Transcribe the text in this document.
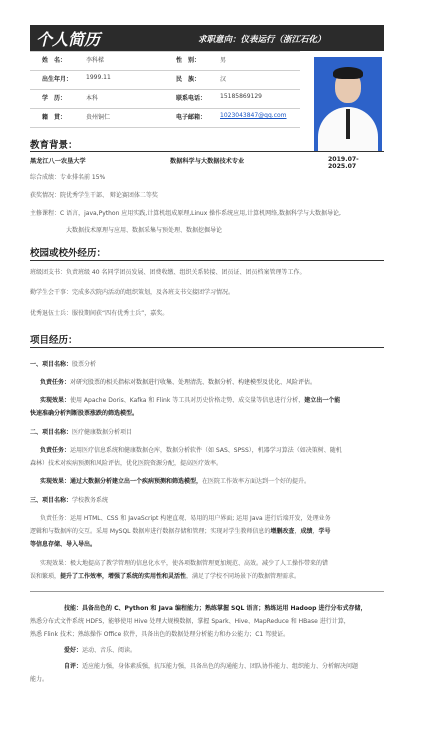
个人简历	求职意向：仪表运行（浙江石化）
姓　名：	李科樑	性　别：	男
出生年月： 1999.11	民　族：	汉
学　历：	本科	联系电话： 15185869129
籍　贯：	贵州铜仁	电子邮箱： 1023043847@qq.com
教育背景：
黑龙江八一农垦大学	数据科学与大数据技术专业	2019.07-2025.07
综合成绩：专业排名前 15%
获奖情况：院优秀学生干部、 辩论赛团体二等奖
主修课程：C 语言，java,Python 应用实践,计算机组成原理,Linux 操作系统应用,计算机网络,数据科学与大数据导论,
大数据技术原理与应用、数据采集与预处理、数据挖掘导论
校园或校外经历：
班级团支书：负责班级 40 名同学团员发展、团费收缴、组织关系转接、团员证、团员档案管理等工作。
勤学生会干事：完成多次院内活动的组织策划，及各班支书交接团学习情况。
优秀退伍士兵：服役期间获“四有优秀士兵”，嘉奖。
项目经历：
一、项目名称：股票分析
负责任务：对研究股票的相关指标对数据进行收集、处理清洗、数据分析、构建模型及优化、风险评估。
实现效果：使用 Apache Doris、Kafka 和 Flink 等工具对历史价格走势、成交量等信息进行分析，建立出一个能
快速准确分析判断股票涨跌的筛选模型。
二、项目名称：医疗健康数据分析项目
负责任务：运用医疗信息系统和健康数据仓库，数据分析软件（如 SAS、SPSS），机器学习算法（如决策树、随机
森林）技术对疾病预测和风险评估，优化医院资源分配，提高医疗效率。
实现效果：通过大数据分析建立出一个疾病预测和筛选模型，在医院工作效率方面达到一个好的提升。
三、项目名称：学校教务系统
负责任务：运用 HTML、CSS 和 JavaScript 构建直观、易用的用户界面; 运用 Java 进行后端开发，处理业务
逻辑和与数据库的交互。采用 MySQL 数据库进行数据存储和管理；实现对学生教师信息的增删改查，成绩，学号
等信息存储、导入导出。
实现效果：极大地提高了教学管理的信息化水平，使各项数据管理更加规范、高效。减少了人工操作带来的错
误和繁琐，提升了工作效率，增强了系统的实用性和灵活性，满足了学校不同场景下的数据管理需求。
技能：具备出色的 C、Python 和 Java 编程能力；熟练掌握 SQL 语言；熟练运用 Hadoop 进行分布式存储，
熟悉分布式文件系统 HDFS，能够使用 Hive 处理大规模数据，掌握 Spark、Hive、MapReduce 和 HBase 进行计算，
熟悉 Flink 技术；熟练操作 Office 软件，具备出色的数据处理分析能力和办公能力；C1 驾驶证。
爱好：运动、音乐、阅读。
自评：适应能力强，身体素质强，抗压能力强，具备出色的沟通能力、团队协作能力、组织能力、分析解决问题
能力。
